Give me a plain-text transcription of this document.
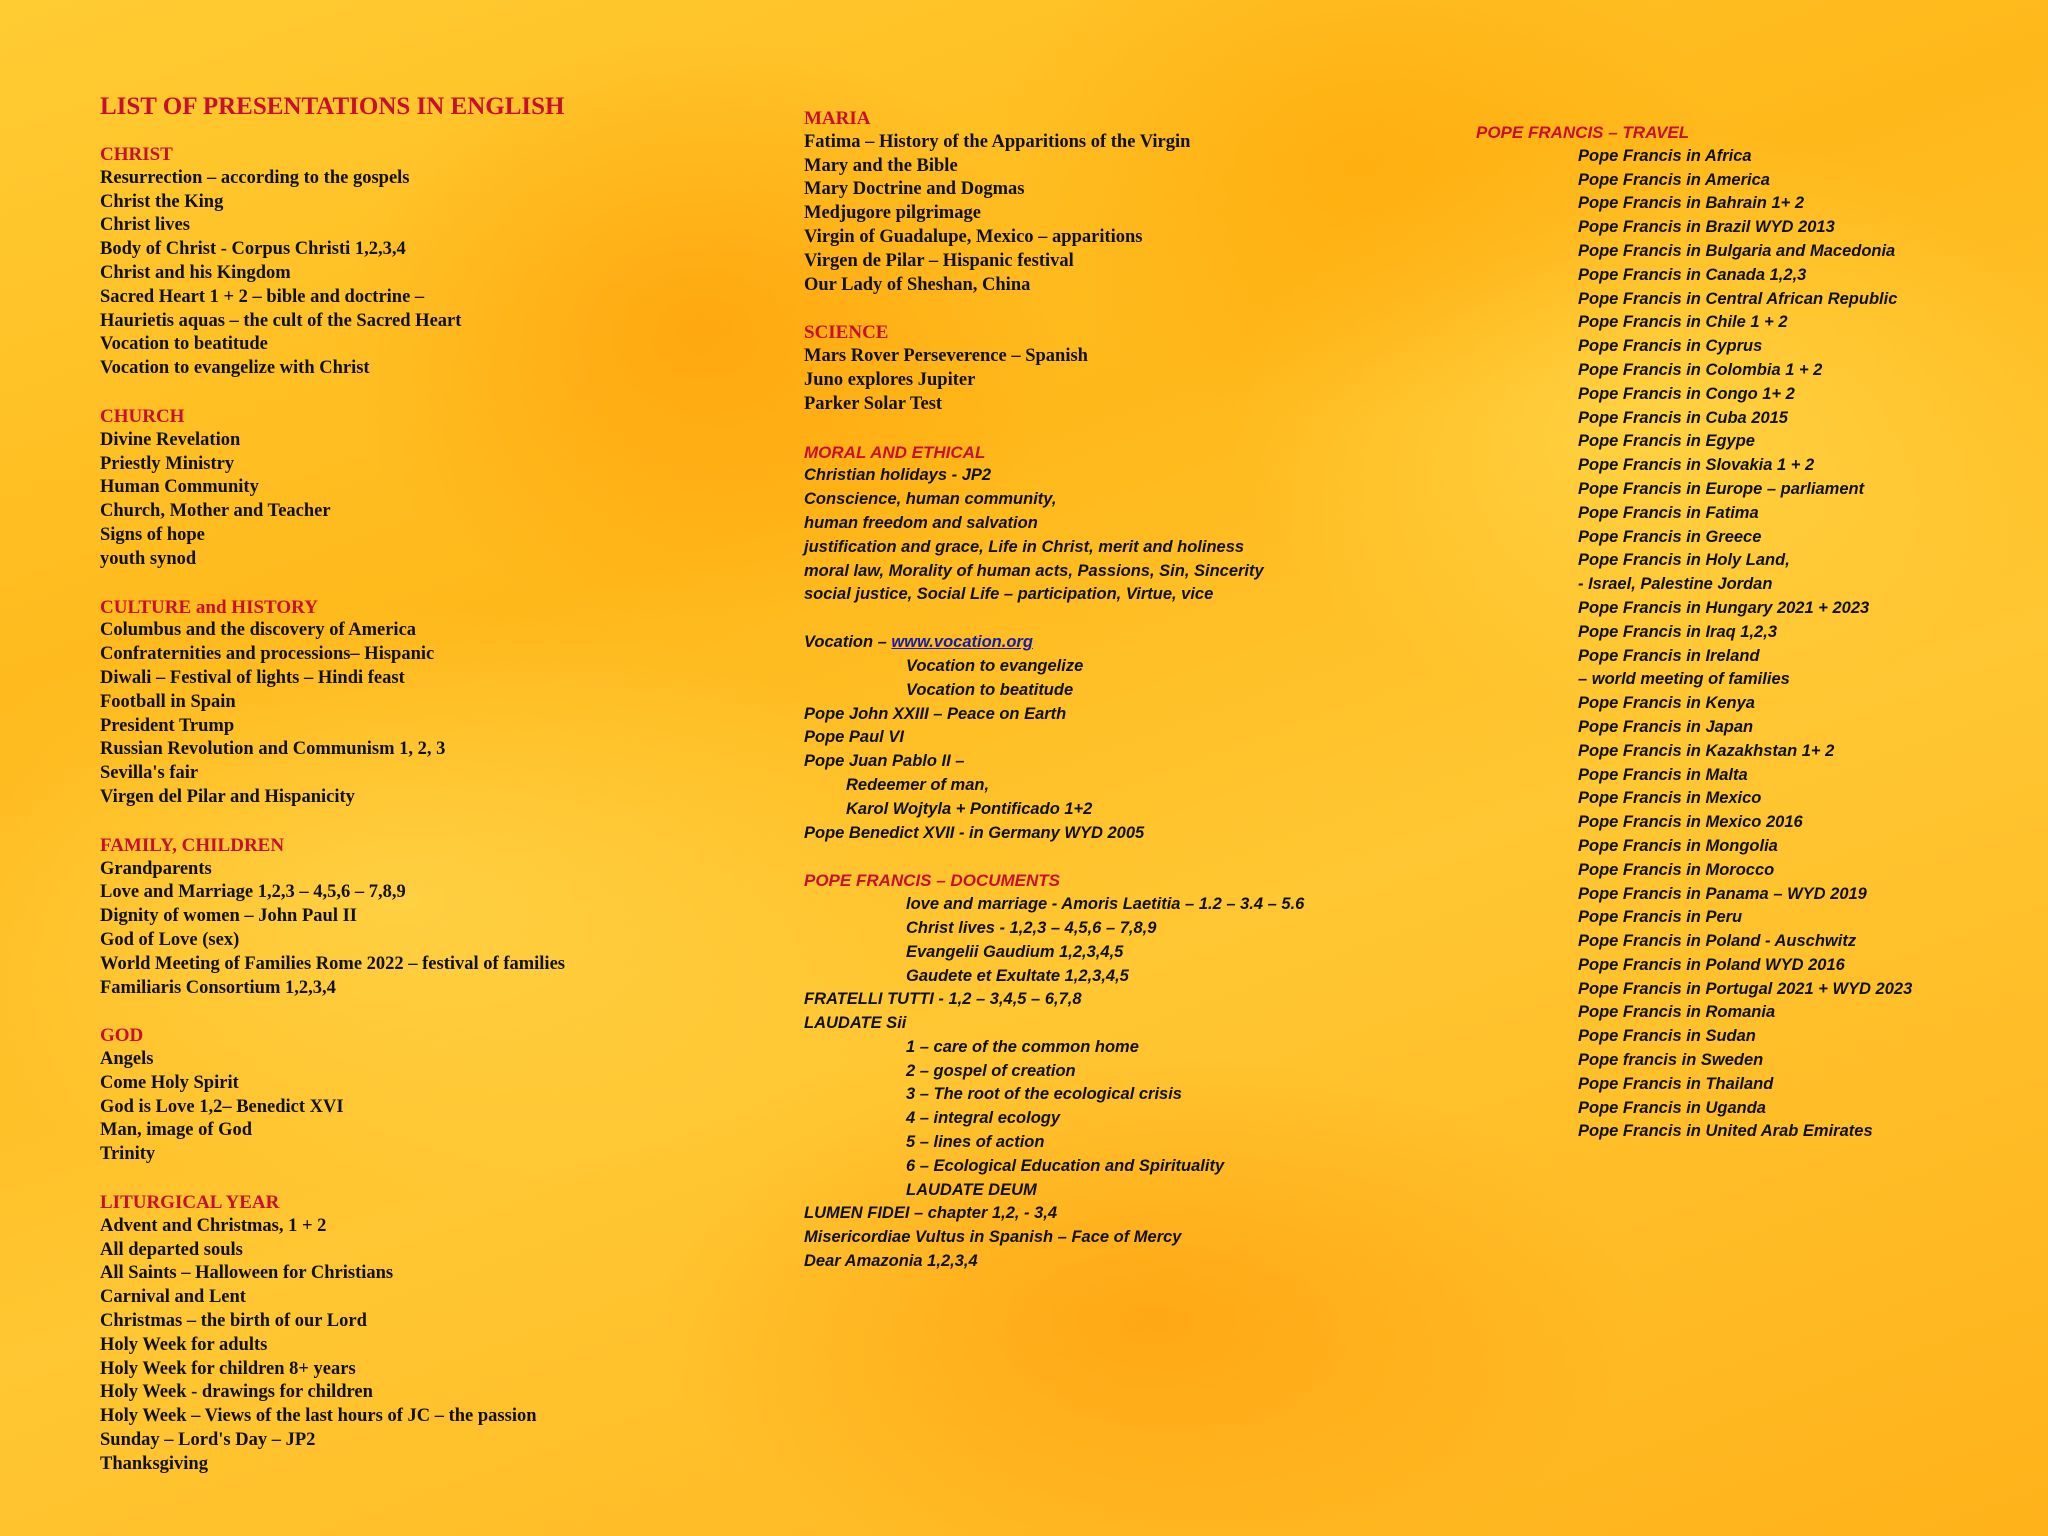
LIST OF PRESENTATIONS IN ENGLISH
CHRIST
Resurrection – according to the gospels
Christ the King
Christ lives
Body of Christ - Corpus Christi 1,2,3,4
Christ and his Kingdom
Sacred Heart 1 + 2 – bible and doctrine –
Haurietis aquas – the cult of the Sacred Heart
Vocation to beatitude
Vocation to evangelize with Christ
CHURCH
Divine Revelation
Priestly Ministry
Human Community
Church, Mother and Teacher
Signs of hope
youth synod
CULTURE and HISTORY
Columbus and the discovery of America
Confraternities and processions– Hispanic
Diwali – Festival of lights – Hindi feast
Football in Spain
President Trump
Russian Revolution and Communism 1, 2, 3
Sevilla's fair
Virgen del Pilar and Hispanicity
FAMILY, CHILDREN
Grandparents
Love and Marriage 1,2,3 – 4,5,6 – 7,8,9
Dignity of women – John Paul II
God of Love (sex)
World Meeting of Families Rome 2022 – festival of families
Familiaris Consortium 1,2,3,4
GOD
Angels
Come Holy Spirit
God is Love 1,2– Benedict XVI
Man, image of God
Trinity
LITURGICAL YEAR
Advent and Christmas, 1 + 2
All departed souls
All Saints – Halloween for Christians
Carnival and Lent
Christmas – the birth of our Lord
Holy Week for adults
Holy Week for children 8+ years
Holy Week - drawings for children
Holy Week – Views of the last hours of JC – the passion
Sunday – Lord's Day – JP2
Thanksgiving
MARIA
Fatima – History of the Apparitions of the Virgin
Mary and the Bible
Mary Doctrine and Dogmas
Medjugore pilgrimage
Virgin of Guadalupe, Mexico – apparitions
Virgen de Pilar – Hispanic festival
Our Lady of Sheshan, China
SCIENCE
Mars Rover Perseverence – Spanish
Juno explores Jupiter
Parker Solar Test
MORAL AND ETHICAL
Christian holidays - JP2
Conscience, human community,
human freedom and salvation
justification and grace, Life in Christ, merit and holiness
moral law, Morality of human acts, Passions, Sin, Sincerity
social justice, Social Life – participation, Virtue, vice
Vocation – www.vocation.org
Vocation to evangelize
Vocation to beatitude
Pope John XXIII – Peace on Earth
Pope Paul VI
Pope Juan Pablo II –
Redeemer of man,
Karol Wojtyla + Pontificado 1+2
Pope Benedict XVII - in Germany WYD 2005
POPE FRANCIS – DOCUMENTS
love and marriage - Amoris Laetitia – 1.2 – 3.4 – 5.6
Christ lives - 1,2,3 – 4,5,6 – 7,8,9
Evangelii Gaudium 1,2,3,4,5
Gaudete et Exultate 1,2,3,4,5
FRATELLI TUTTI - 1,2 – 3,4,5 – 6,7,8
LAUDATE Sii
1 – care of the common home
2 – gospel of creation
3 – The root of the ecological crisis
4 – integral ecology
5 – lines of action
6 – Ecological Education and Spirituality
LAUDATE DEUM
LUMEN FIDEI – chapter 1,2, - 3,4
Misericordiae Vultus in Spanish – Face of Mercy
Dear Amazonia 1,2,3,4
POPE FRANCIS – TRAVEL
Pope Francis in Africa
Pope Francis in America
Pope Francis in Bahrain 1+ 2
Pope Francis in Brazil WYD 2013
Pope Francis in Bulgaria and Macedonia
Pope Francis in Canada 1,2,3
Pope Francis in Central African Republic
Pope Francis in Chile 1 + 2
Pope Francis in Cyprus
Pope Francis in Colombia 1 + 2
Pope Francis in Congo 1+ 2
Pope Francis in Cuba 2015
Pope Francis in Egype
Pope Francis in Slovakia 1 + 2
Pope Francis in Europe – parliament
Pope Francis in Fatima
Pope Francis in Greece
Pope Francis in Holy Land,
- Israel, Palestine Jordan
Pope Francis in Hungary 2021 + 2023
Pope Francis in Iraq 1,2,3
Pope Francis in Ireland
– world meeting of families
Pope Francis in Kenya
Pope Francis in Japan
Pope Francis in Kazakhstan 1+ 2
Pope Francis in Malta
Pope Francis in Mexico
Pope Francis in Mexico 2016
Pope Francis in Mongolia
Pope Francis in Morocco
Pope Francis in Panama – WYD 2019
Pope Francis in Peru
Pope Francis in Poland - Auschwitz
Pope Francis in Poland WYD 2016
Pope Francis in Portugal 2021 + WYD 2023
Pope Francis in Romania
Pope Francis in Sudan
Pope francis in Sweden
Pope Francis in Thailand
Pope Francis in Uganda
Pope Francis in United Arab Emirates
